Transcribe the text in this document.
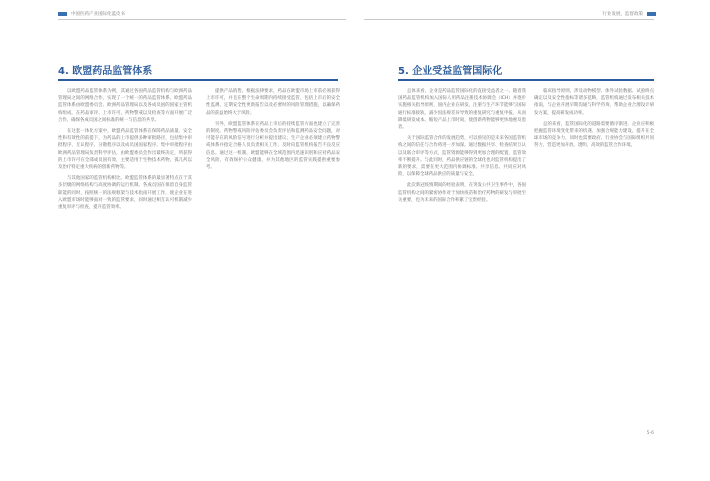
中国医药产业国际化蓝皮书	行业发展，监督政策
4. 欧盟药品监管体系

以欧盟药品监管体系为例，其通过各国药品监管机构与欧洲药品管理局之间的网络合作，实现了一个统一的药品监管体系。欧盟药品监管体系由欧盟委员会、欧洲药品管理局以及各成员国的国家主管机构组成，在药品审评、上市许可、药物警戒以及检查等方面开展广泛合作，确保各成员国之间标准的统一与信息的共享。

在这套一体化方案中，欧盟药品监管体系在保障药品质量、安全性和有效性的前提下，为药品的上市提供多种审批路径，包括集中审批程序、互认程序、分散程序以及成员国国家程序。集中审批程序由欧洲药品管理局负责科学评估，由欧盟委员会作出最终决定，所获得的上市许可在全部成员国有效，主要适用于生物技术药物、孤儿药以及治疗特定重大疾病的创新药物等。

与其他国家的监管机构相比，欧盟监管体系的最显著特点在于其多层级的网络结构与高度协调的运行机制。各成员国在保留自身监管职能的同时，按照统一的法规框架与技术指南开展工作，使企业在进入欧盟市场时能够面对一致的监管要求，同时通过相互认可机制减少重复审评与检查，提升监管效率。

提供产品销售。根据法律要求，药品在欧盟市场上市前必须获得上市许可，并且在整个生命周期内持续接受监管，包括上市后的安全性监测、定期安全性更新报告以及必要时的风险管理措施，以确保药品的获益始终大于风险。

另外，欧盟监管体系在药品上市后的持续监管方面也建立了完善的制度。药物警戒风险评估委员会负责评估和监测药品安全问题，对可能存在的风险信号进行分析并提出建议；生产企业必须建立药物警戒体系并指定合格人员负责相关工作，及时向监管机构报告不良反应信息。通过这一机制，欧盟能够在全域范围内迅速识别和应对药品安全风险，有效保护公众健康，并为其他地区的监管实践提供重要参考。

5. 企业受益监管国际化

总体来看，企业是药品监管国际化的直接受益者之一。随着我国药品监管机构加入国际人用药品注册技术协调会（ICH）并逐步实施相关指导原则，国内企业在研发、注册与生产环节能够与国际通行标准接轨，减少因法规差异导致的重复研究与重复申报，从而降低研发成本、缩短产品上市时间，使创新药物能够更快地惠及患者。

关于国际监管合作的发展趋势，可以预见的是未来各国监管机构之间的信任与合作将进一步加深。通过数据共享、检查结果互认以及联合审评等方式，监管资源能够得到更加合理的配置，监管效率不断提升。与此同时，药品供应链的全球化也对监管机构提出了新的要求，需要在更大范围内协调标准、共享信息、共同应对风险，以保障全球药品供应的质量与安全。

此次新冠疫情期间的经验表明，在突发公共卫生事件中，各国监管机构之间的紧密协作对于加快疫苗和治疗药物的研发与审批至关重要，也为未来的国际合作积累了宝贵经验。

临床指导原则、涉及动物模型、体外试验数据、试验终点确定以及安全性指标等诸多范畴，监管机构通过发布相关技术指南，与企业开展早期沟通与科学咨询，帮助企业合理设计研发方案，提高研发成功率。

总的来看，监管国际化的道路需要循序渐进，企业应积极把握监管环境变化带来的机遇，加强合规能力建设，提升在全球市场的竞争力，同时也需要政府、行业协会与国际组织共同努力，营造更加开放、透明、高效的监管合作环境。

5-6
